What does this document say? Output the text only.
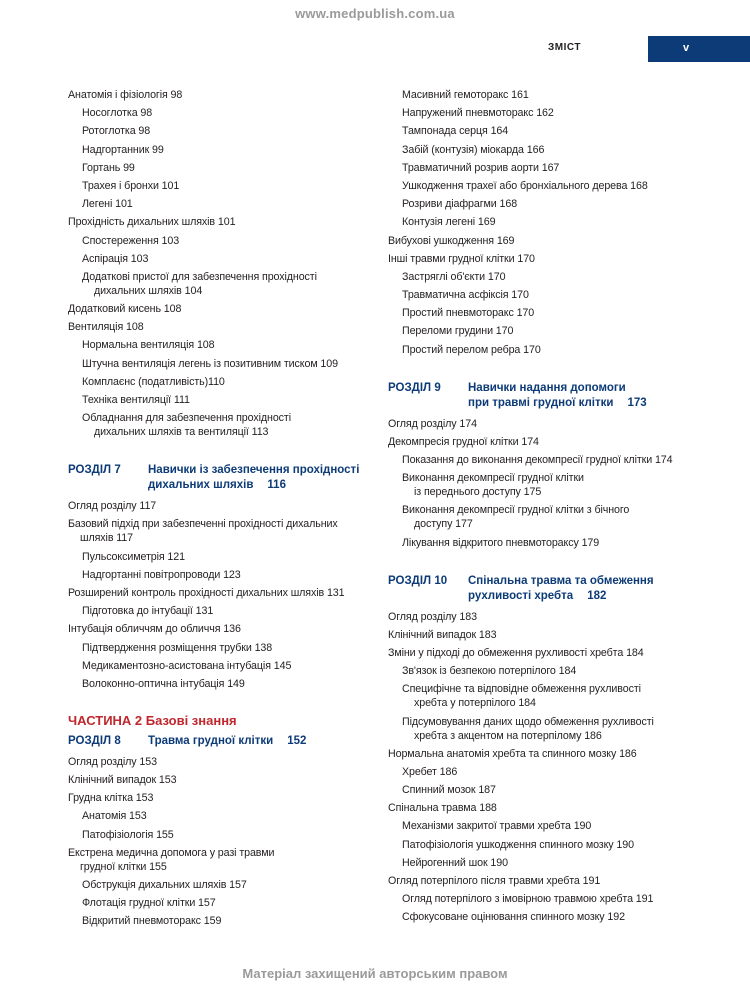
www.medpublish.com.ua
ЗМІСТ	v
Анатомія і фізіологія 98
Носоглотка 98
Ротоглотка 98
Надгортанник 99
Гортань 99
Трахея і бронхи 101
Легені 101
Прохідність дихальних шляхів 101
Спостереження 103
Аспірація 103
Додаткові пристої для забезпечення прохідності
дихальних шляхів 104
Додатковий кисень 108
Вентиляція 108
Нормальна вентиляція 108
Штучна вентиляція легень із позитивним тиском 109
Комплаєнс (податливість)110
Техніка вентиляції 111
Обладнання для забезпечення прохідності
дихальних шляхів та вентиляції 113
РОЗДІЛ 7	Навички із забезпечення прохідності
дихальних шляхів 116
Огляд розділу 117
Базовий підхід при забезпеченні прохідності дихальних
шляхів 117
Пульсоксиметрія 121
Надгортанні повітропроводи 123
Розширений контроль прохідності дихальних шляхів 131
Підготовка до інтубації 131
Інтубація обличчям до обличчя 136
Підтвердження розміщення трубки 138
Медикаментозно-асистована інтубація 145
Волоконно-оптична інтубація 149
ЧАСТИНА 2 Базові знання
РОЗДІЛ 8	Травма грудної клітки 152
Огляд розділу 153
Клінічний випадок 153
Грудна клітка 153
Анатомія 153
Патофізіологія 155
Екстрена медична допомога у разі травми
грудної клітки 155
Обструкція дихальних шляхів 157
Флотація грудної клітки 157
Відкритий пневмоторакс 159
Масивний гемоторакс 161
Напружений пневмоторакс 162
Тампонада серця 164
Забій (контузія) міокарда 166
Травматичний розрив аорти 167
Ушкодження трахеї або бронхіального дерева 168
Розриви діафрагми 168
Контузія легені 169
Вибухові ушкодження 169
Інші травми грудної клітки 170
Застряглі об'єкти 170
Травматична асфіксія 170
Простий пневмоторакс 170
Переломи грудини 170
Простий перелом ребра 170
РОЗДІЛ 9	Навички надання допомоги
при травмі грудної клітки 173
Огляд розділу 174
Декомпресія грудної клітки 174
Показання до виконання декомпресії грудної клітки 174
Виконання декомпресії грудної клітки
із переднього доступу 175
Виконання декомпресії грудної клітки з бічного
доступу 177
Лікування відкритого пневмотораксу 179
РОЗДІЛ 10	Спінальна травма та обмеження
рухливості хребта 182
Огляд розділу 183
Клінічний випадок 183
Зміни у підході до обмеження рухливості хребта 184
Зв'язок із безпекою потерпілого 184
Специфічне та відповідне обмеження рухливості
хребта у потерпілого 184
Підсумовування даних щодо обмеження рухливості
хребта з акцентом на потерпілому 186
Нормальна анатомія хребта та спинного мозку 186
Хребет 186
Спинний мозок 187
Спінальна травма 188
Механізми закритої травми хребта 190
Патофізіологія ушкодження спинного мозку 190
Нейрогенний шок 190
Огляд потерпілого після травми хребта 191
Огляд потерпілого з імовірною травмою хребта 191
Сфокусоване оцінювання спинного мозку 192
Матеріал захищений авторським правом
